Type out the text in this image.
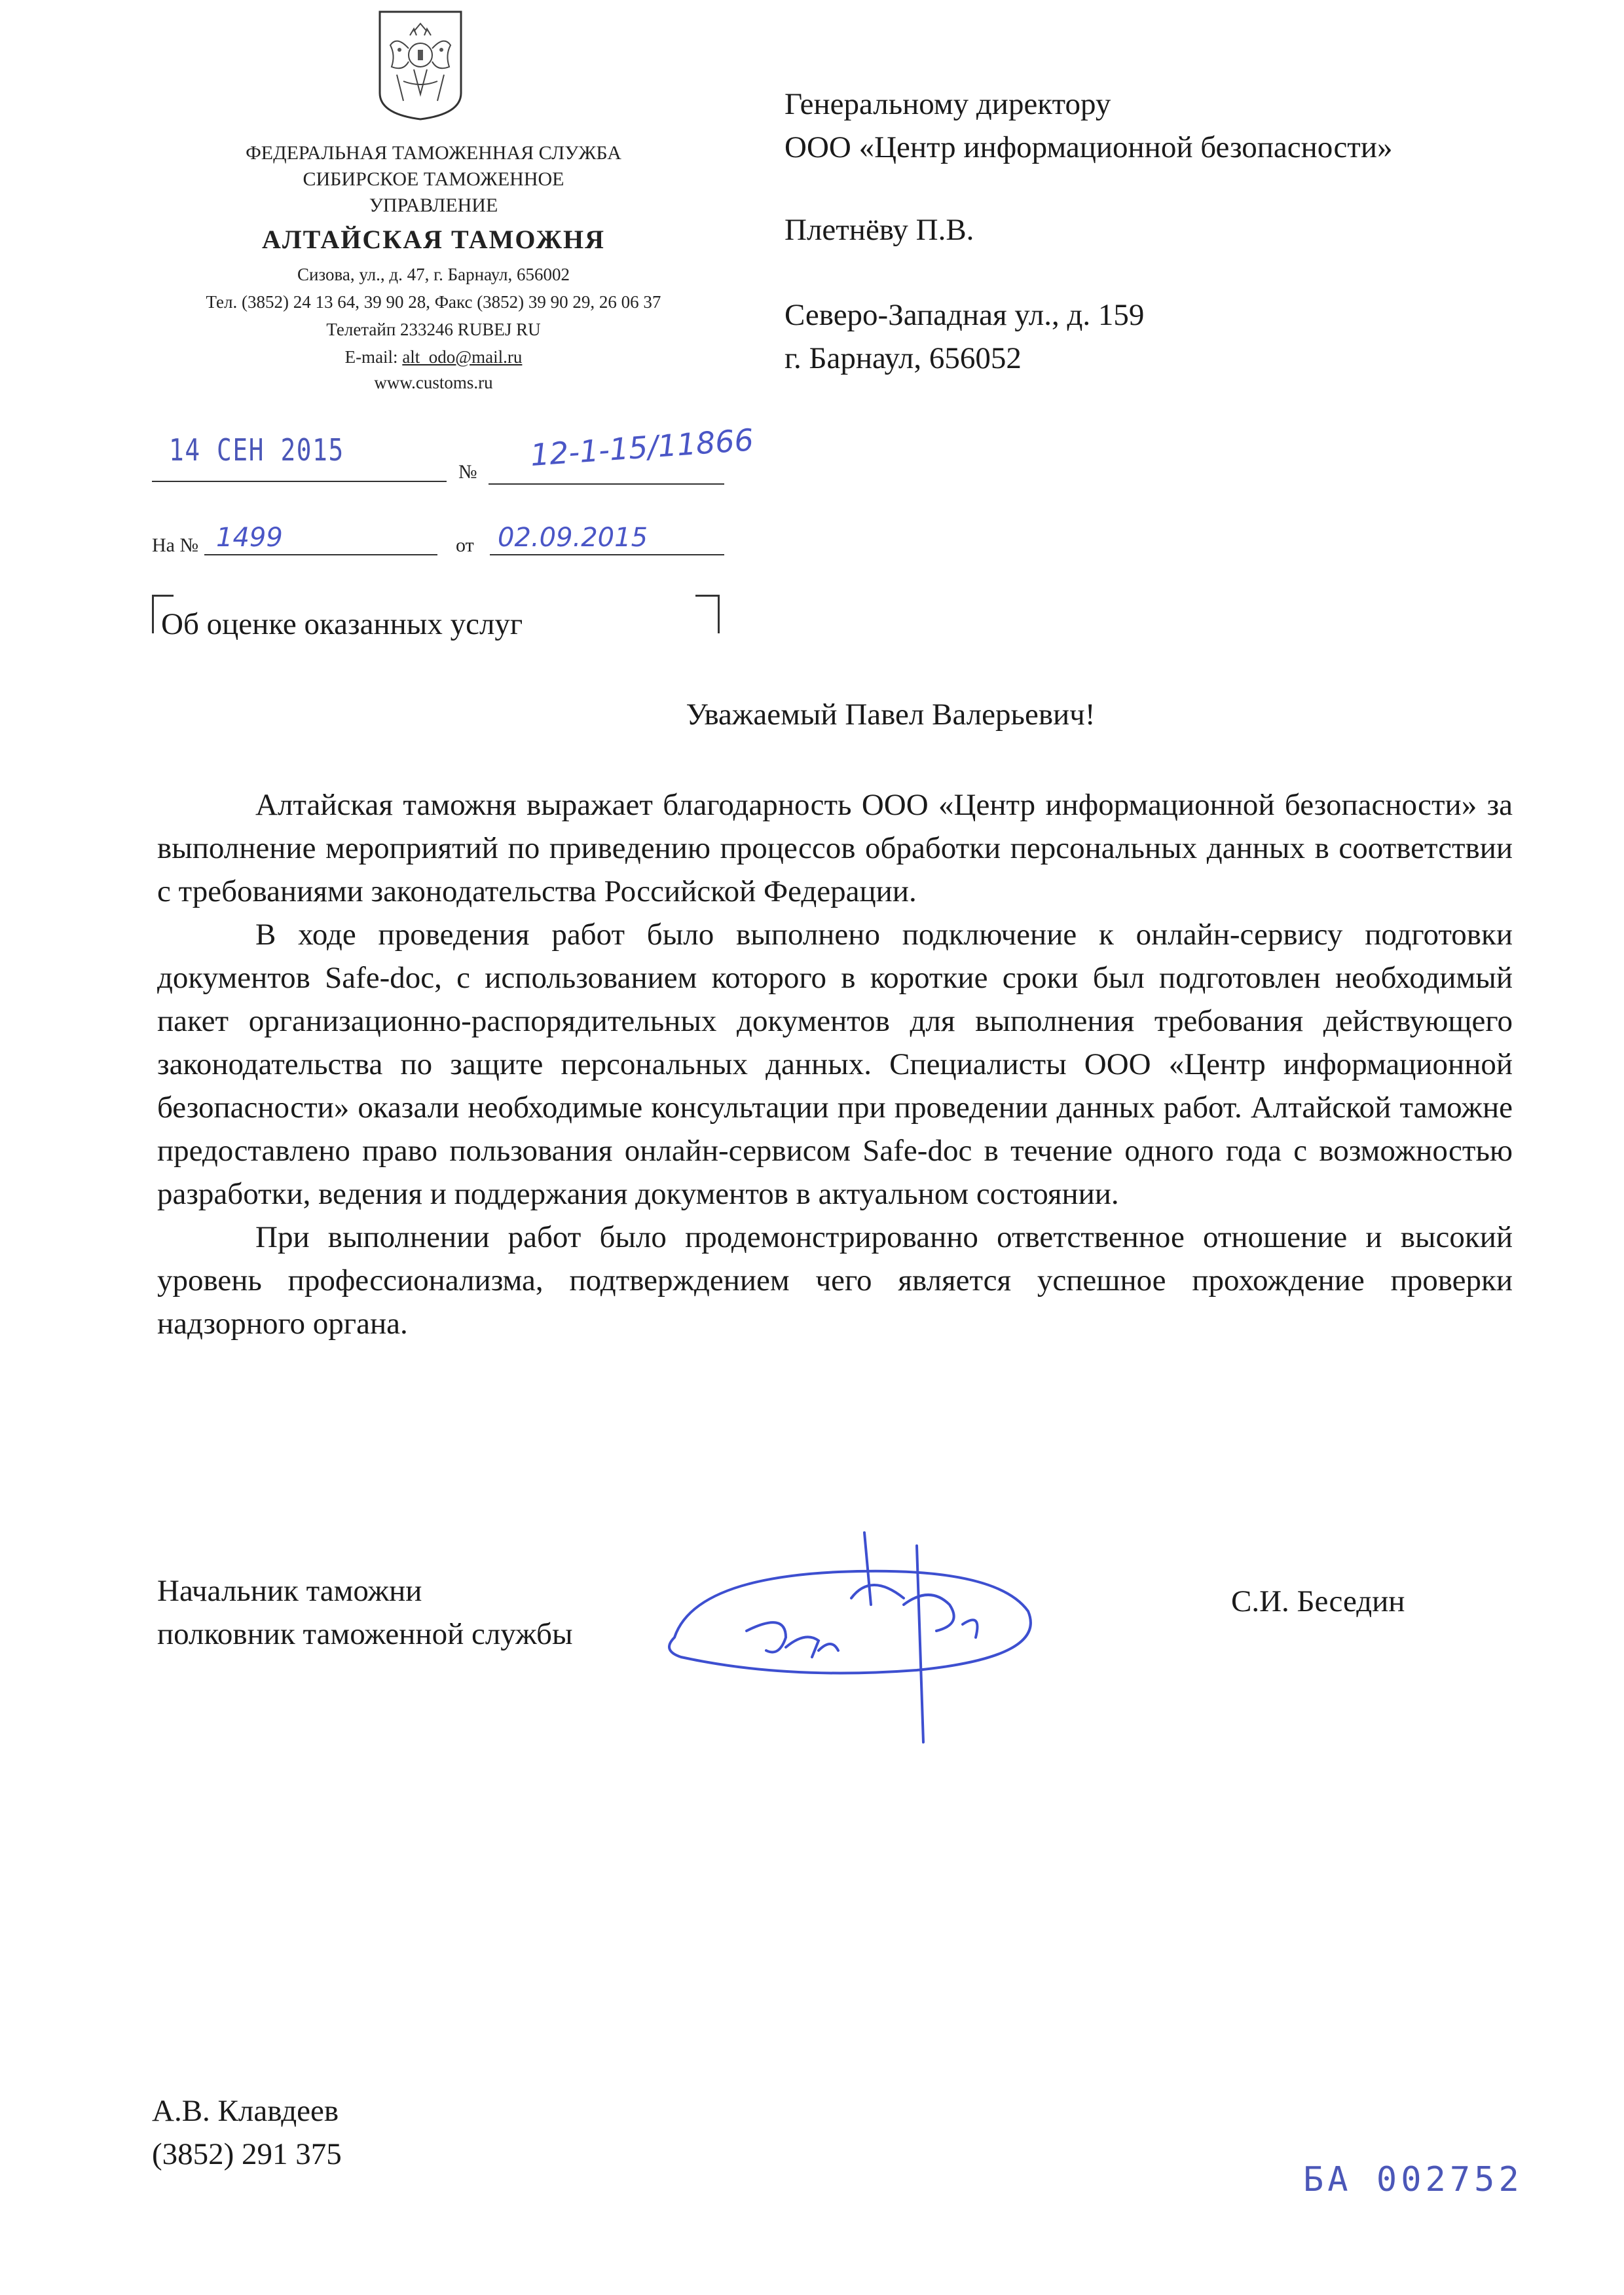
ФЕДЕРАЛЬНАЯ ТАМОЖЕННАЯ СЛУЖБА
СИБИРСКОЕ ТАМОЖЕННОЕ
УПРАВЛЕНИЕ
АЛТАЙСКАЯ ТАМОЖНЯ
Сизова, ул., д. 47, г. Барнаул, 656002
Тел. (3852) 24 13 64, 39 90 28, Факс (3852) 39 90 29, 26 06 37
Телетайп 233246 RUBEJ RU
E-mail: alt_odo@mail.ru
www.customs.ru
14 СЕН 2015
№ 12-1-15/11866
На № 1499	от 02.09.2015
Об оценке оказанных услуг
Генеральному директору
ООО «Центр информационной безопасности»
Плетнёву П.В.
Северо-Западная ул., д. 159
г. Барнаул, 656052
Уважаемый Павел Валерьевич!

Алтайская таможня выражает благодарность ООО «Центр информационной безопасности» за выполнение мероприятий по приведению процессов обработки персональных данных в соответствии с требованиями законодательства Российской Федерации.

В ходе проведения работ было выполнено подключение к онлайн-сервису подготовки документов Safe-doc, с использованием которого в короткие сроки был подготовлен необходимый пакет организационно-распорядительных документов для выполнения требования действующего законодательства по защите персональных данных. Специалисты ООО «Центр информационной безопасности» оказали необходимые консультации при проведении данных работ. Алтайской таможне предоставлено право пользования онлайн-сервисом Safe-doc в течение одного года с возможностью разработки, ведения и поддержания документов в актуальном состоянии.

При выполнении работ было продемонстрированно ответственное отношение и высокий уровень профессионализма, подтверждением чего является успешное прохождение проверки надзорного органа.

Начальник таможни
полковник таможенной службы
С.И. Беседин
А.В. Клавдеев
(3852) 291 375
БА 002752
